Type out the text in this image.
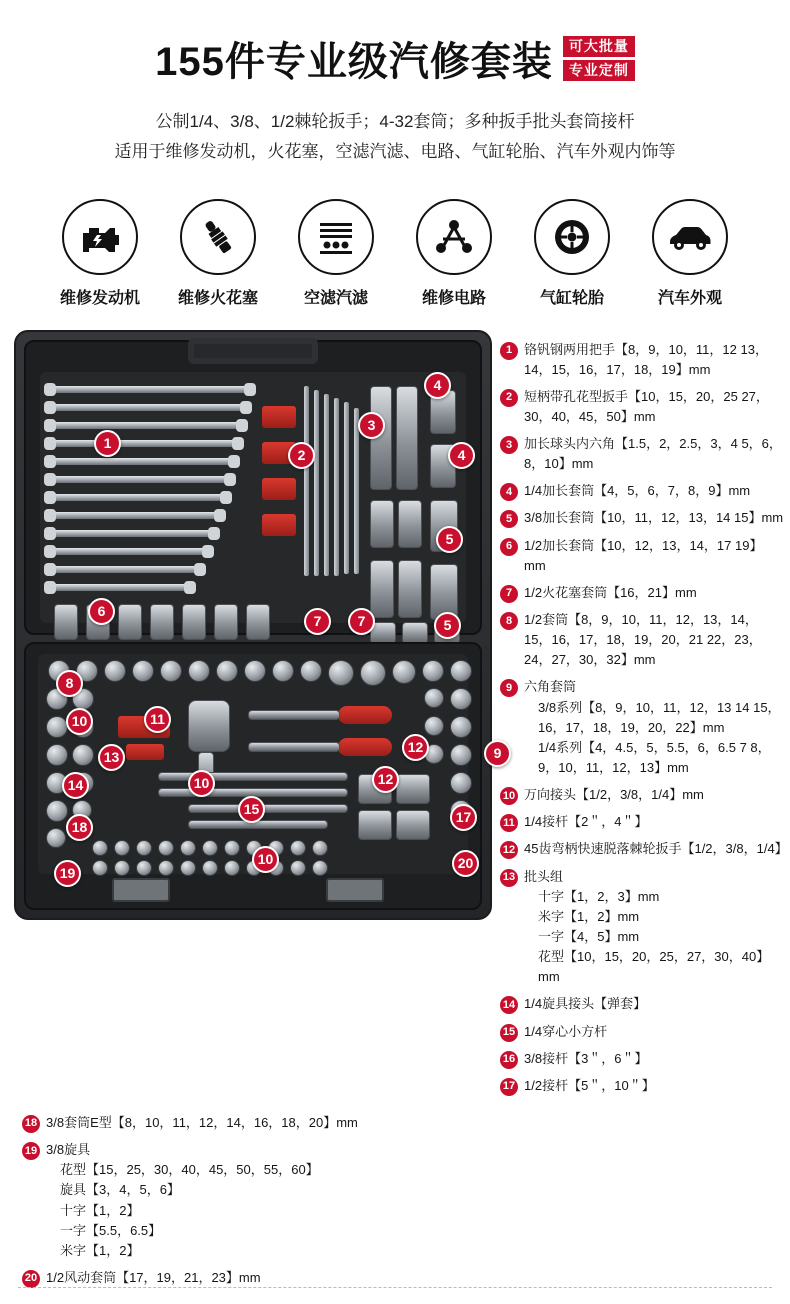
155件专业级汽修套装	可大批量
专业定制
公制1/4、3/8、1/2棘轮扳手；4-32套筒；多种扳手批头套筒接杆
适用于维修发动机，火花塞，空滤汽滤、电路、气缸轮胎、汽车外观内饰等
维修发动机	维修火花塞	空滤汽滤	维修电路	气缸轮胎	汽车外观
1
2
3
4
4
5
5
6
7	7
8
9
10
10
10
11
12
12
13
14
15	17
18
19
20
1 铬钒钢两用把手【8，9，10，11，12 13，14，15，16，17，18，19】mm
2 短柄带孔花型扳手【10，15，20，25 27，30，40，45，50】mm
3 加长球头内六角【1.5，2，2.5，3，4 5，6，8，10】mm
4 1/4加长套筒【4，5，6，7，8，9】mm
5 3/8加长套筒【10，11，12，13，14 15】mm
6 1/2加长套筒【10，12，13，14，17 19】mm
7 1/2火花塞套筒【16，21】mm
8 1/2套筒【8，9，10，11，12，13，14，15，16，17，18，19，20，21 22，23，24，27，30，32】mm
9 六角套筒
3/8系列【8，9，10，11，12，13 14 15，16，17，18，19，20，22】mm
1/4系列【4，4.5，5，5.5，6，6.5 7 8，9，10，11，12，13】mm
10 万向接头【1/2，3/8，1/4】mm
11 1/4接杆【2＂，4＂】
12 45齿弯柄快速脱落棘轮扳手【1/2，3/8，1/4】
13 批头组
十字【1，2，3】mm
米字【1，2】mm
一字【4，5】mm
花型【10，15，20，25，27，30，40】mm
14 1/4旋具接头【弹套】
15 1/4穿心小方杆
16 3/8接杆【3＂，6＂】
17 1/2接杆【5＂，10＂】
18 3/8套筒E型【8，10，11，12，14，16，18，20】mm
19 3/8旋具
花型【15，25，30，40，45，50，55，60】
旋具【3，4，5，6】
十字【1，2】
一字【5.5，6.5】
米字【1，2】
20 1/2风动套筒【17，19，21，23】mm
